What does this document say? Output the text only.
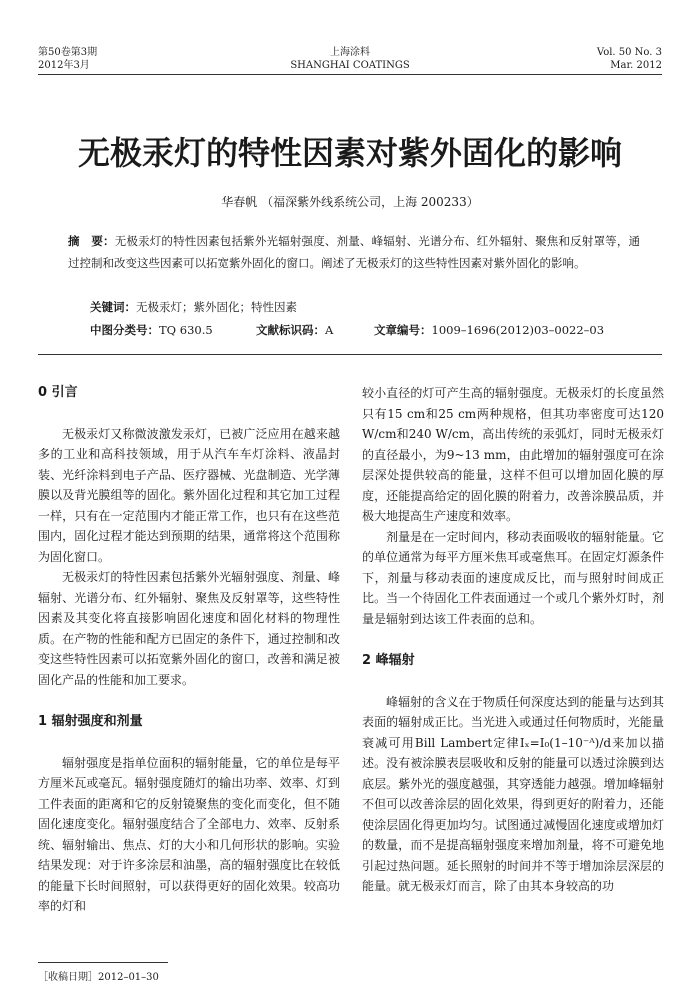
第50卷第3期
2012年3月
上海涂料
SHANGHAI COATINGS
Vol. 50 No. 3
Mar. 2012
无极汞灯的特性因素对紫外固化的影响
华春帆 （福深紫外线系统公司，上海 200233）
摘　要：无极汞灯的特性因素包括紫外光辐射强度、剂量、峰辐射、光谱分布、红外辐射、聚焦和反射罩等，通过控制和改变这些因素可以拓宽紫外固化的窗口。阐述了无极汞灯的这些特性因素对紫外固化的影响。
关键词：无极汞灯；紫外固化；特性因素
中图分类号：TQ 630.5	文献标识码：A	文章编号：1009–1696(2012)03–0022–03
0 引言

无极汞灯又称微波激发汞灯，已被广泛应用在越来越多的工业和高科技领域，用于从汽车车灯涂料、液晶封装、光纤涂料到电子产品、医疗器械、光盘制造、光学薄膜以及背光膜组等的固化。紫外固化过程和其它加工过程一样，只有在一定范围内才能正常工作，也只有在这些范围内，固化过程才能达到预期的结果，通常将这个范围称为固化窗口。

无极汞灯的特性因素包括紫外光辐射强度、剂量、峰辐射、光谱分布、红外辐射、聚焦及反射罩等，这些特性因素及其变化将直接影响固化速度和固化材料的物理性质。在产物的性能和配方已固定的条件下，通过控制和改变这些特性因素可以拓宽紫外固化的窗口，改善和满足被固化产品的性能和加工要求。

1 辐射强度和剂量

辐射强度是指单位面积的辐射能量，它的单位是每平方厘米瓦或毫瓦。辐射强度随灯的输出功率、效率、灯到工件表面的距离和它的反射镜聚焦的变化而变化，但不随固化速度变化。辐射强度结合了全部电力、效率、反射系统、辐射输出、焦点、灯的大小和几何形状的影响。实验结果发现：对于许多涂层和油墨，高的辐射强度比在较低的能量下长时间照射，可以获得更好的固化效果。较高功率的灯和

较小直径的灯可产生高的辐射强度。无极汞灯的长度虽然只有15 cm和25 cm两种规格，但其功率密度可达120 W/cm和240 W/cm，高出传统的汞弧灯，同时无极汞灯的直径最小，为9~13 mm，由此增加的辐射强度可在涂层深处提供较高的能量，这样不但可以增加固化膜的厚度，还能提高给定的固化膜的附着力，改善涂膜品质，并极大地提高生产速度和效率。

剂量是在一定时间内，移动表面吸收的辐射能量。它的单位通常为每平方厘米焦耳或毫焦耳。在固定灯源条件下，剂量与移动表面的速度成反比，而与照射时间成正比。当一个待固化工件表面通过一个或几个紫外灯时，剂量是辐射到达该工件表面的总和。

2 峰辐射

峰辐射的含义在于物质任何深度达到的能量与达到其表面的辐射成正比。当光进入或通过任何物质时，光能量衰减可用Bill Lambert定律Iₓ=I₀(1–10⁻ᴬ)/d来加以描述。没有被涂膜表层吸收和反射的能量可以透过涂膜到达底层。紫外光的强度越强，其穿透能力越强。增加峰辐射不但可以改善涂层的固化效果，得到更好的附着力，还能使涂层固化得更加均匀。试图通过减慢固化速度或增加灯的数量，而不是提高辐射强度来增加剂量，将不可避免地引起过热问题。延长照射的时间并不等于增加涂层深层的能量。就无极汞灯而言，除了由其本身较高的功

［收稿日期］2012–01–30
